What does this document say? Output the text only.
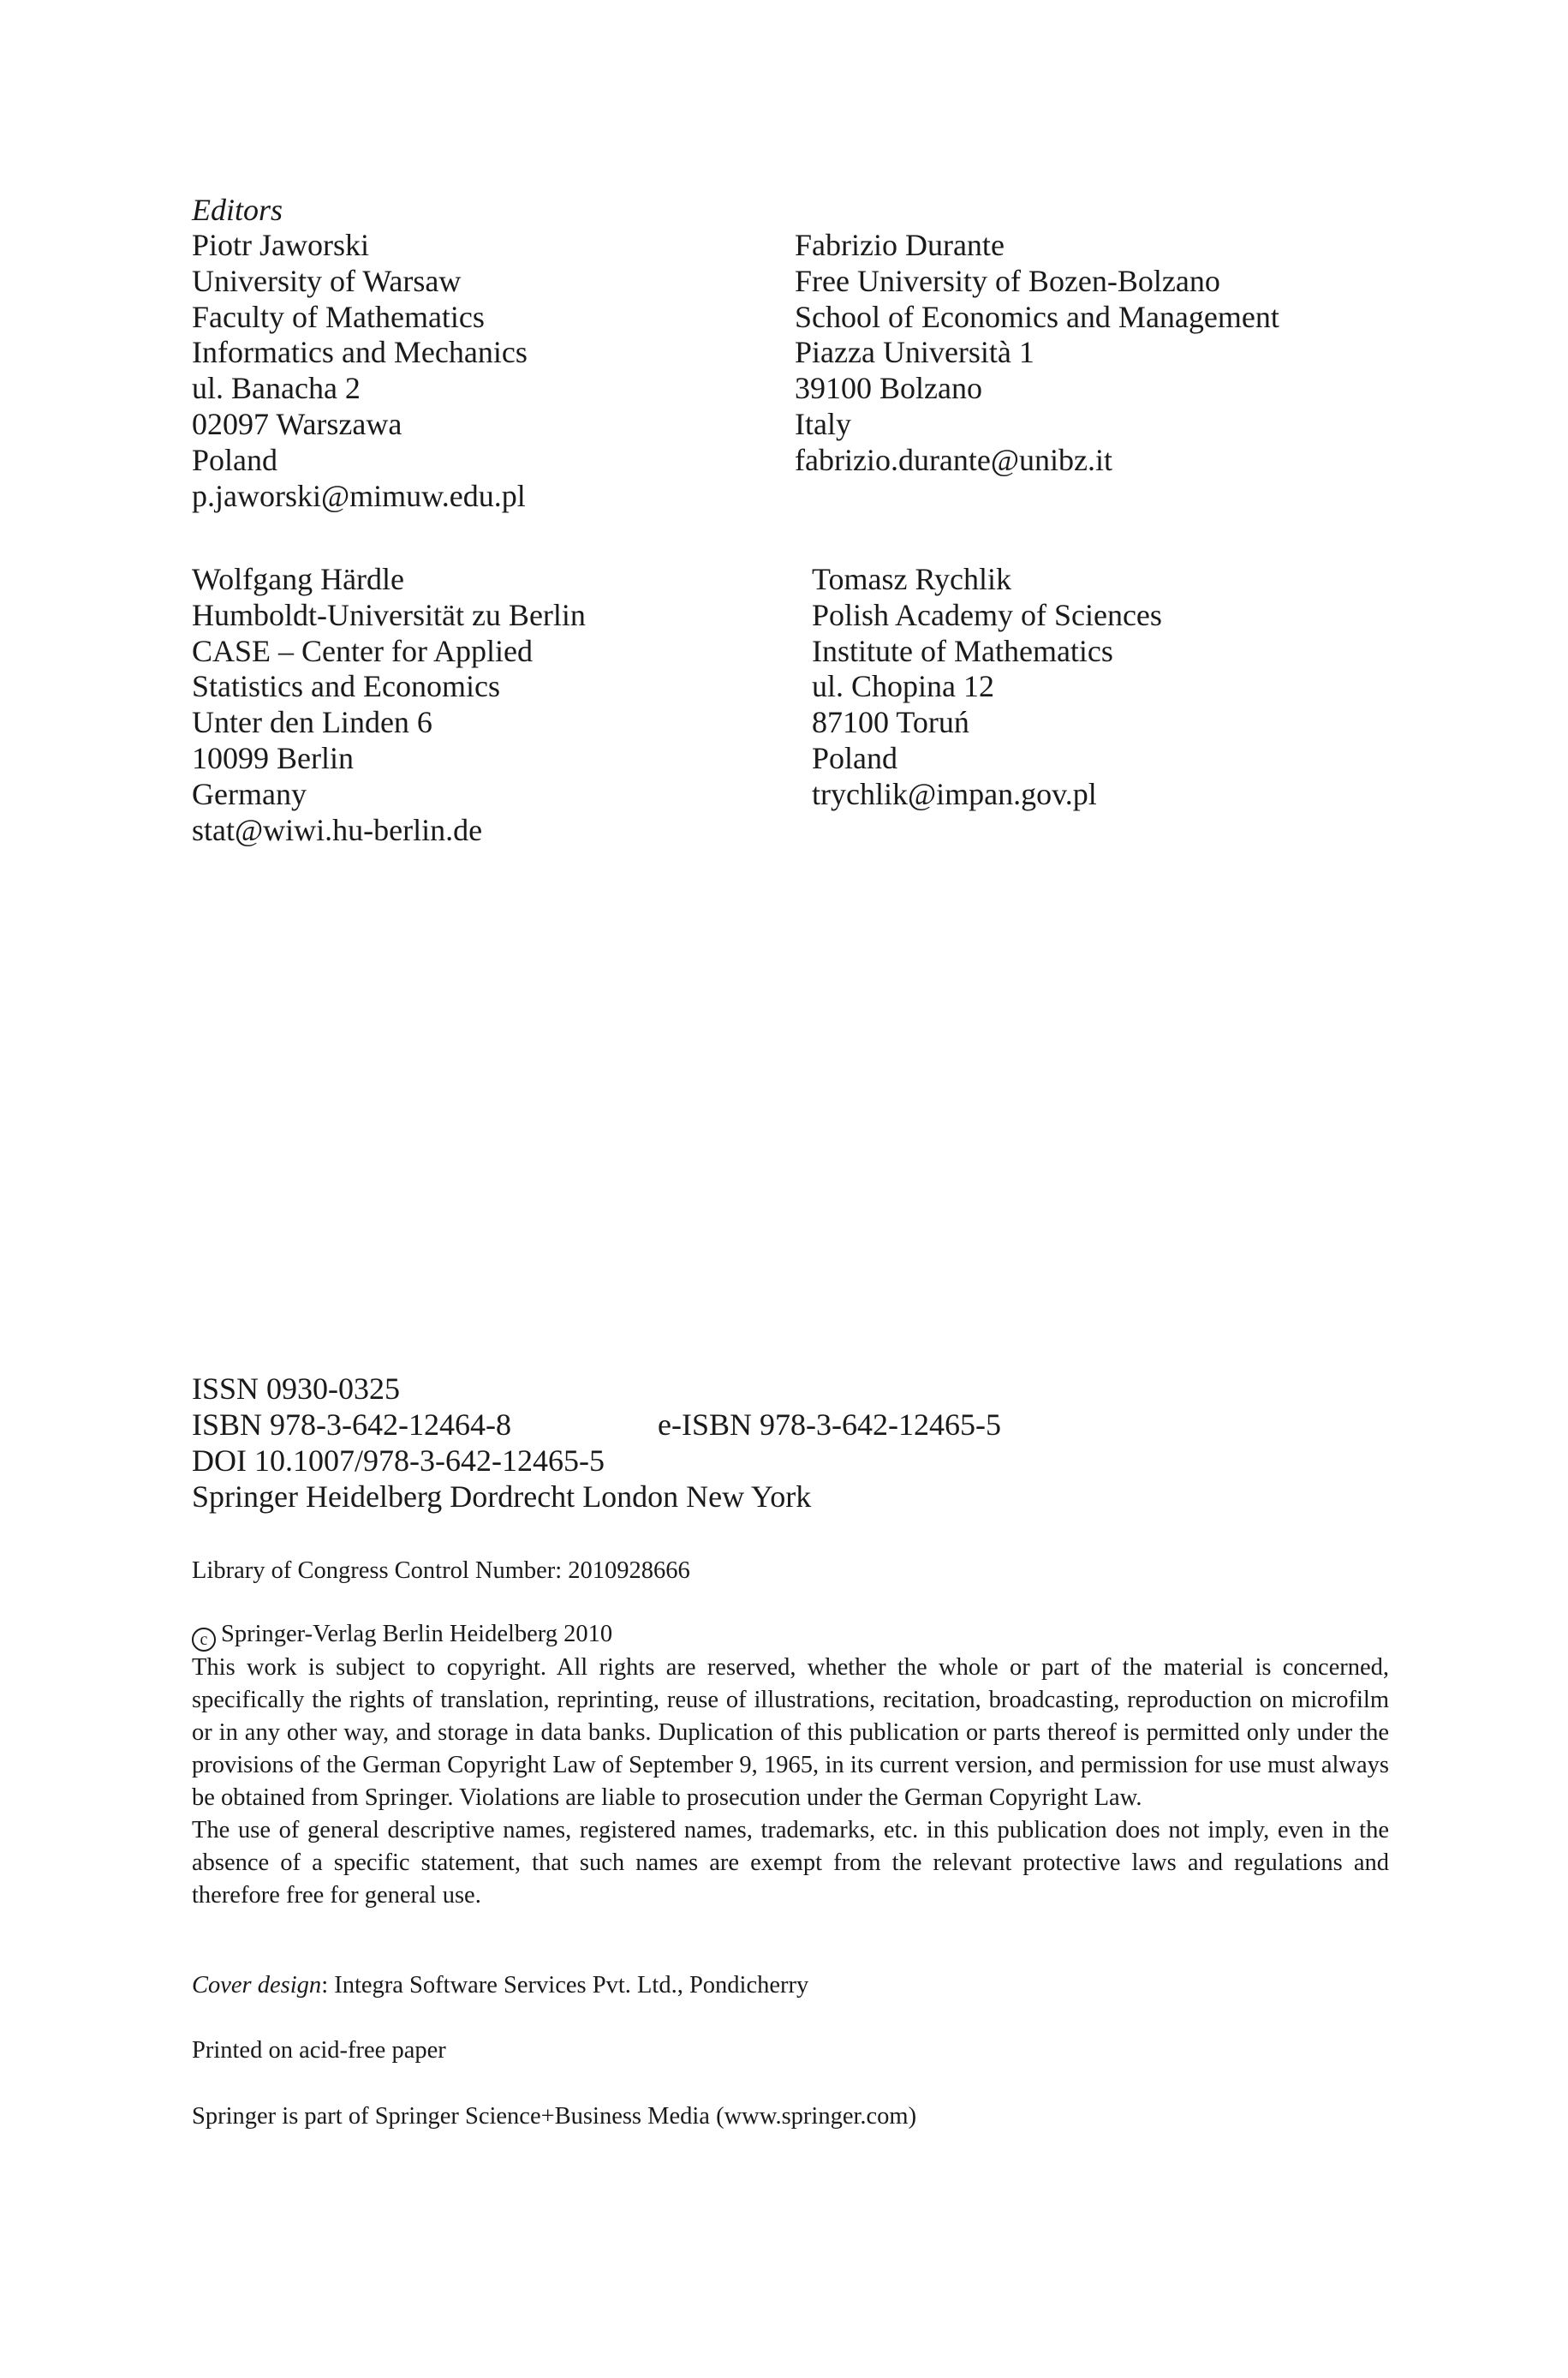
Editors
Piotr Jaworski
University of Warsaw
Faculty of Mathematics
Informatics and Mechanics
ul. Banacha 2
02097 Warszawa
Poland
p.jaworski@mimuw.edu.pl
Fabrizio Durante
Free University of Bozen-Bolzano
School of Economics and Management
Piazza Università 1
39100 Bolzano
Italy
fabrizio.durante@unibz.it
Wolfgang Härdle
Humboldt-Universität zu Berlin
CASE – Center for Applied
Statistics and Economics
Unter den Linden 6
10099 Berlin
Germany
stat@wiwi.hu-berlin.de
Tomasz Rychlik
Polish Academy of Sciences
Institute of Mathematics
ul. Chopina 12
87100 Toruń
Poland
trychlik@impan.gov.pl
ISSN 0930-0325
ISBN 978-3-642-12464-8	e-ISBN 978-3-642-12465-5
DOI 10.1007/978-3-642-12465-5
Springer Heidelberg Dordrecht London New York
Library of Congress Control Number: 2010928666
c Springer-Verlag Berlin Heidelberg 2010

This work is subject to copyright. All rights are reserved, whether the whole or part of the material is concerned, specifically the rights of translation, reprinting, reuse of illustrations, recitation, broadcasting, reproduction on microfilm or in any other way, and storage in data banks. Duplication of this publication or parts thereof is permitted only under the provisions of the German Copyright Law of September 9, 1965, in its current version, and permission for use must always be obtained from Springer. Violations are liable to prosecution under the German Copyright Law.

The use of general descriptive names, registered names, trademarks, etc. in this publication does not imply, even in the absence of a specific statement, that such names are exempt from the relevant protective laws and regulations and therefore free for general use.

Cover design: Integra Software Services Pvt. Ltd., Pondicherry
Printed on acid-free paper
Springer is part of Springer Science+Business Media (www.springer.com)
